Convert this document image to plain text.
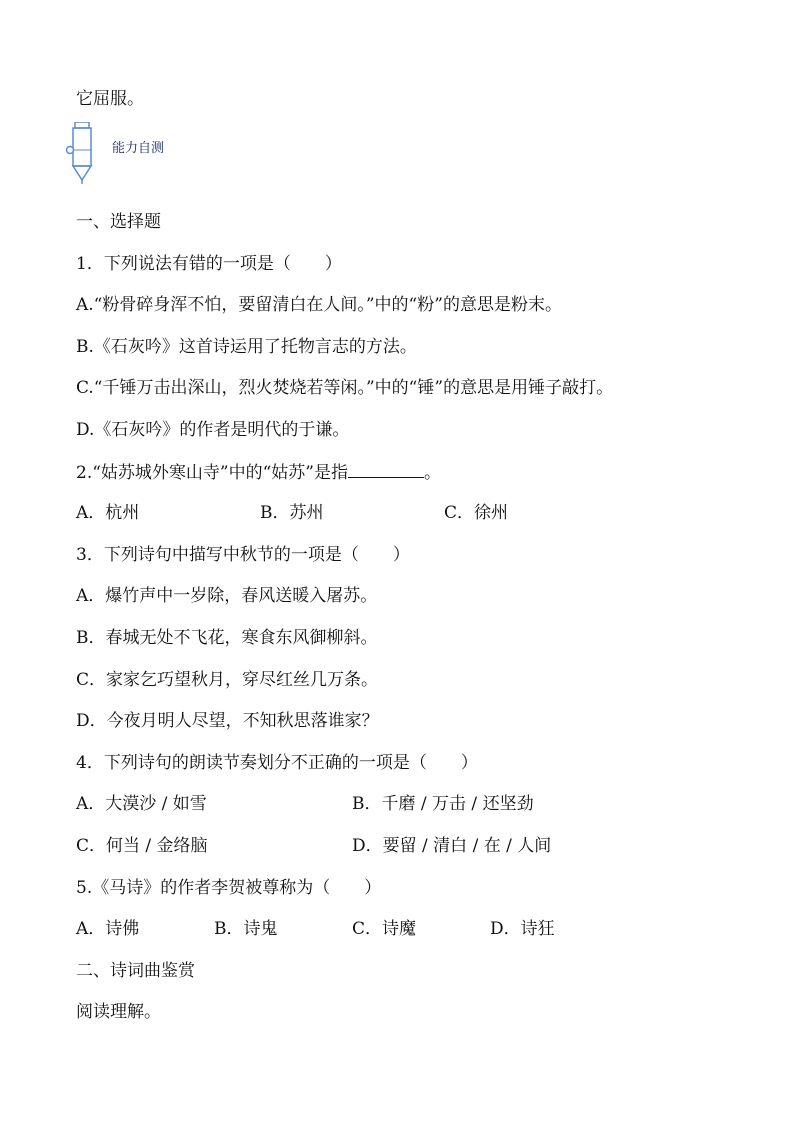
它屈服。
能力自测
一、选择题
1．下列说法有错的一项是（　　）
A.“粉骨碎身浑不怕，要留清白在人间。”中的“粉”的意思是粉末。
B.《石灰吟》这首诗运用了托物言志的方法。
C.“千锤万击出深山，烈火焚烧若等闲。”中的“锤”的意思是用锤子敲打。
D.《石灰吟》的作者是明代的于谦。
2.“姑苏城外寒山寺”中的“姑苏”是指	。
A．杭州	B．苏州	C．徐州
3．下列诗句中描写中秋节的一项是（　　）
A．爆竹声中一岁除，春风送暖入屠苏。
B．春城无处不飞花，寒食东风御柳斜。
C．家家乞巧望秋月，穿尽红丝几万条。
D．今夜月明人尽望，不知秋思落谁家？
4．下列诗句的朗读节奏划分不正确的一项是（　　）
A．大漠沙 / 如雪	B．千磨 / 万击 / 还坚劲
C．何当 / 金络脑	D．要留 / 清白 / 在 / 人间
5.《马诗》的作者李贺被尊称为（　　）
A．诗佛	B．诗鬼	C．诗魔	D．诗狂
二、诗词曲鉴赏
阅读理解。
